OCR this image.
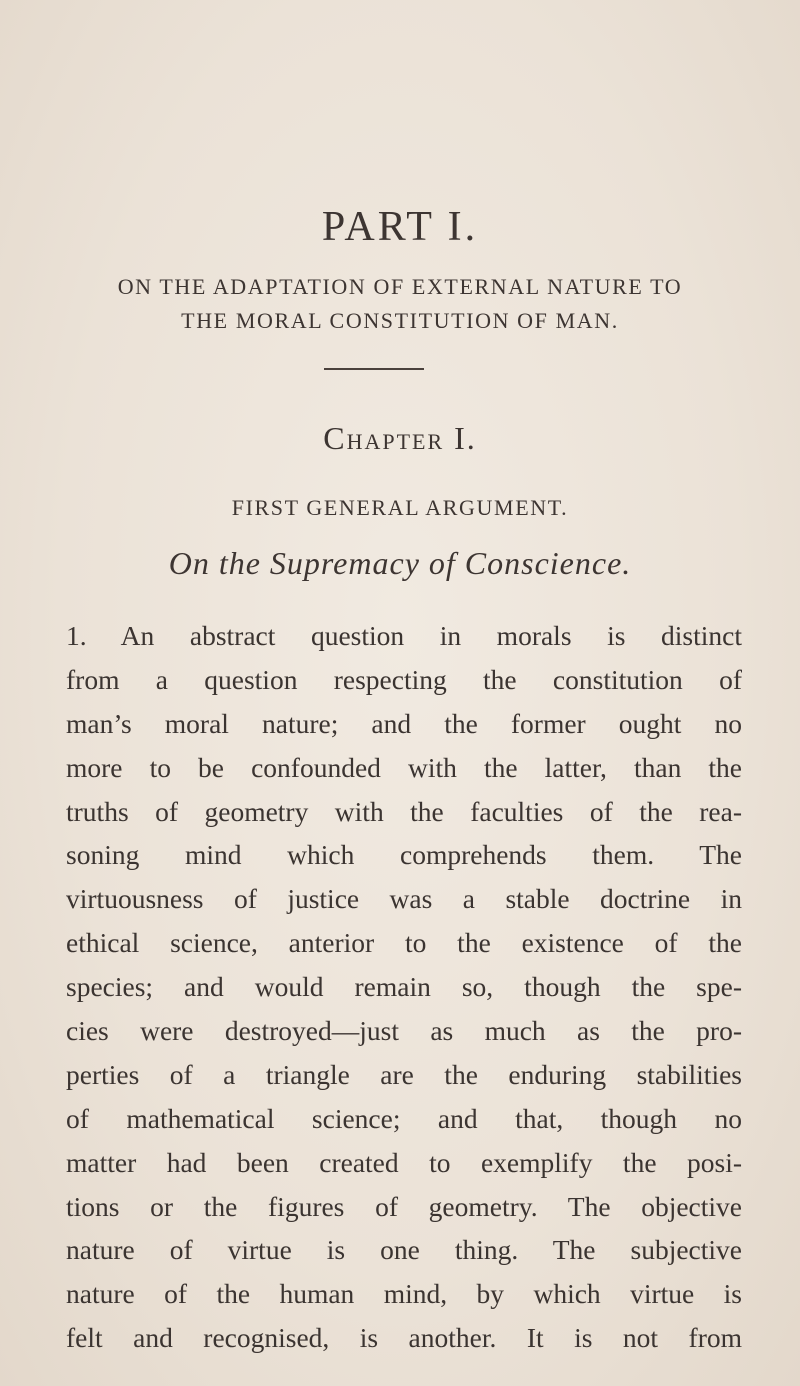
PART I.
ON THE ADAPTATION OF EXTERNAL NATURE TO
THE MORAL CONSTITUTION OF MAN.
Chapter I.
FIRST GENERAL ARGUMENT.
On the Supremacy of Conscience.
1. An abstract question in morals is distinct
from a question respecting the constitution of
man’s moral nature; and the former ought no
more to be confounded with the latter, than the
truths of geometry with the faculties of the rea-
soning mind which comprehends them. The
virtuousness of justice was a stable doctrine in
ethical science, anterior to the existence of the
species; and would remain so, though the spe-
cies were destroyed—just as much as the pro-
perties of a triangle are the enduring stabilities
of mathematical science; and that, though no
matter had been created to exemplify the posi-
tions or the figures of geometry. The objective
nature of virtue is one thing. The subjective
nature of the human mind, by which virtue is
felt and recognised, is another. It is not from
